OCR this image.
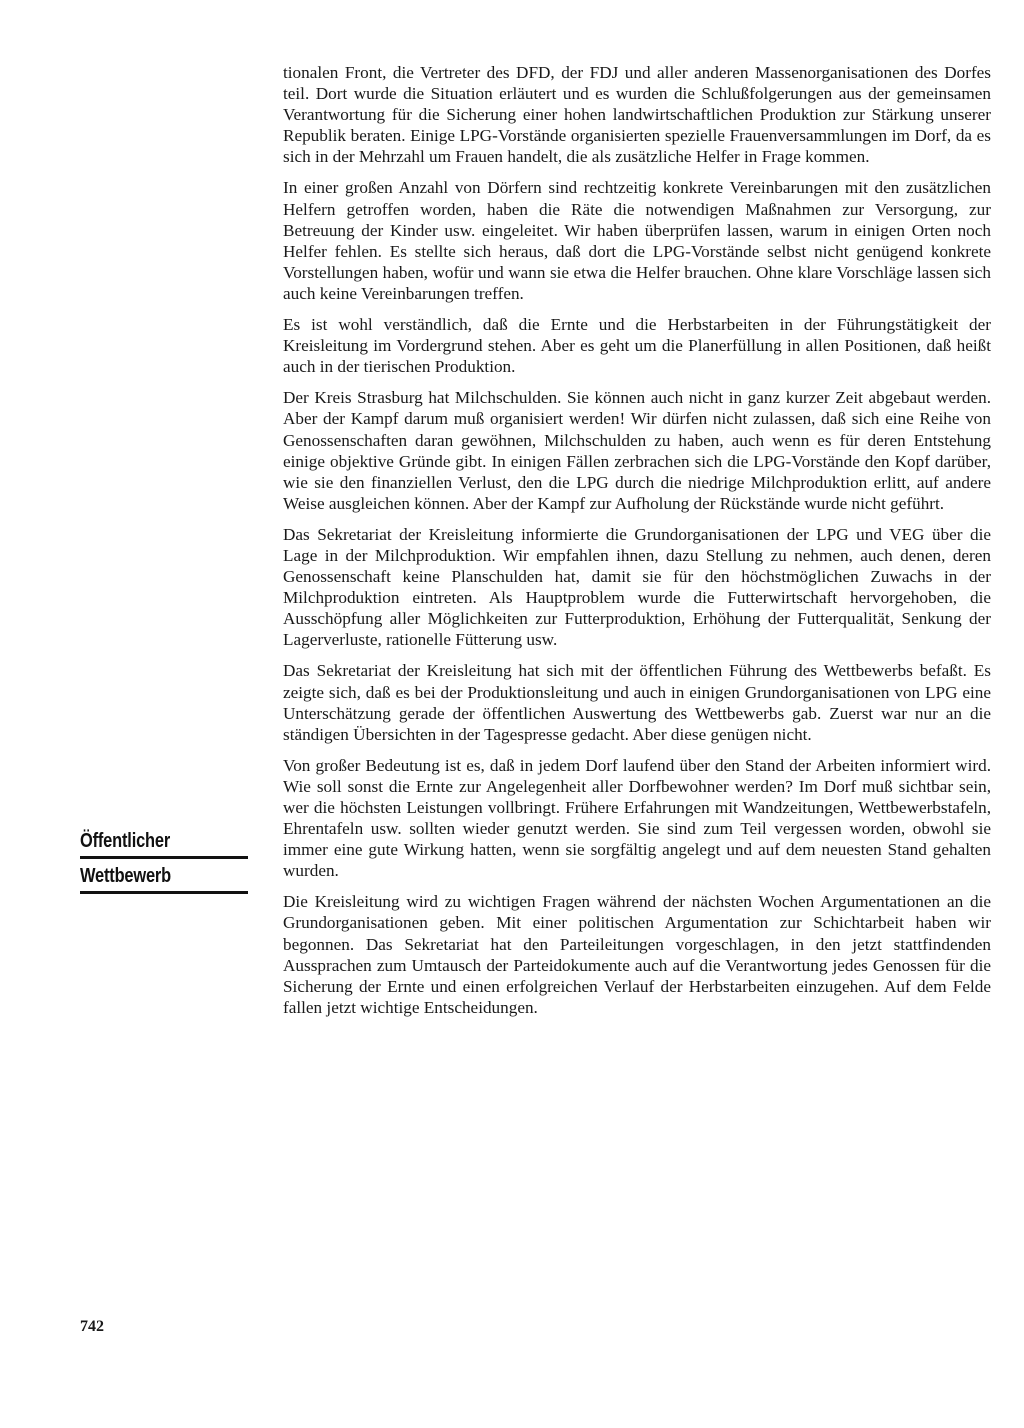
Öffentlicher
Wettbewerb

tionalen Front, die Vertreter des DFD, der FDJ und aller anderen Massenorganisationen des Dorfes teil. Dort wurde die Situation erläutert und es wurden die Schlußfolgerungen aus der gemeinsamen Verantwortung für die Sicherung einer hohen landwirtschaftlichen Produktion zur Stärkung unserer Republik beraten. Einige LPG-Vorstände organisierten spezielle Frauenversammlungen im Dorf, da es sich in der Mehrzahl um Frauen handelt, die als zusätzliche Helfer in Frage kommen.

In einer großen Anzahl von Dörfern sind rechtzeitig konkrete Vereinbarungen mit den zusätzlichen Helfern getroffen worden, haben die Räte die notwendigen Maßnahmen zur Versorgung, zur Betreuung der Kinder usw. eingeleitet. Wir haben überprüfen lassen, warum in einigen Orten noch Helfer fehlen. Es stellte sich heraus, daß dort die LPG-Vorstände selbst nicht genügend konkrete Vorstellungen haben, wofür und wann sie etwa die Helfer brauchen. Ohne klare Vorschläge lassen sich auch keine Vereinbarungen treffen.

Es ist wohl verständlich, daß die Ernte und die Herbstarbeiten in der Führungstätigkeit der Kreisleitung im Vordergrund stehen. Aber es geht um die Planerfüllung in allen Positionen, daß heißt auch in der tierischen Produktion.

Der Kreis Strasburg hat Milchschulden. Sie können auch nicht in ganz kurzer Zeit abgebaut werden. Aber der Kampf darum muß organisiert werden! Wir dürfen nicht zulassen, daß sich eine Reihe von Genossenschaften daran gewöhnen, Milchschulden zu haben, auch wenn es für deren Entstehung einige objektive Gründe gibt. In einigen Fällen zerbrachen sich die LPG-Vorstände den Kopf darüber, wie sie den finanziellen Verlust, den die LPG durch die niedrige Milchproduktion erlitt, auf andere Weise ausgleichen können. Aber der Kampf zur Aufholung der Rückstände wurde nicht geführt.

Das Sekretariat der Kreisleitung informierte die Grundorganisationen der LPG und VEG über die Lage in der Milchproduktion. Wir empfahlen ihnen, dazu Stellung zu nehmen, auch denen, deren Genossenschaft keine Planschulden hat, damit sie für den höchstmöglichen Zuwachs in der Milchproduktion eintreten. Als Hauptproblem wurde die Futterwirtschaft hervorgehoben, die Ausschöpfung aller Möglichkeiten zur Futterproduktion, Erhöhung der Futterqualität, Senkung der Lagerverluste, rationelle Fütterung usw.

Das Sekretariat der Kreisleitung hat sich mit der öffentlichen Führung des Wettbewerbs befaßt. Es zeigte sich, daß es bei der Produktionsleitung und auch in einigen Grundorganisationen von LPG eine Unterschätzung gerade der öffentlichen Auswertung des Wettbewerbs gab. Zuerst war nur an die ständigen Übersichten in der Tagespresse gedacht. Aber diese genügen nicht.

Von großer Bedeutung ist es, daß in jedem Dorf laufend über den Stand der Arbeiten informiert wird. Wie soll sonst die Ernte zur Angelegenheit aller Dorfbewohner werden? Im Dorf muß sichtbar sein, wer die höchsten Leistungen vollbringt. Frühere Erfahrungen mit Wandzeitungen, Wettbewerbstafeln, Ehrentafeln usw. sollten wieder genutzt werden. Sie sind zum Teil vergessen worden, obwohl sie immer eine gute Wirkung hatten, wenn sie sorgfältig angelegt und auf dem neuesten Stand gehalten wurden.

Die Kreisleitung wird zu wichtigen Fragen während der nächsten Wochen Argumentationen an die Grundorganisationen geben. Mit einer politischen Argumentation zur Schichtarbeit haben wir begonnen. Das Sekretariat hat den Parteileitungen vorgeschlagen, in den jetzt stattfindenden Aussprachen zum Umtausch der Parteidokumente auch auf die Verantwortung jedes Genossen für die Sicherung der Ernte und einen erfolgreichen Verlauf der Herbstarbeiten einzugehen. Auf dem Felde fallen jetzt wichtige Entscheidungen.

742
